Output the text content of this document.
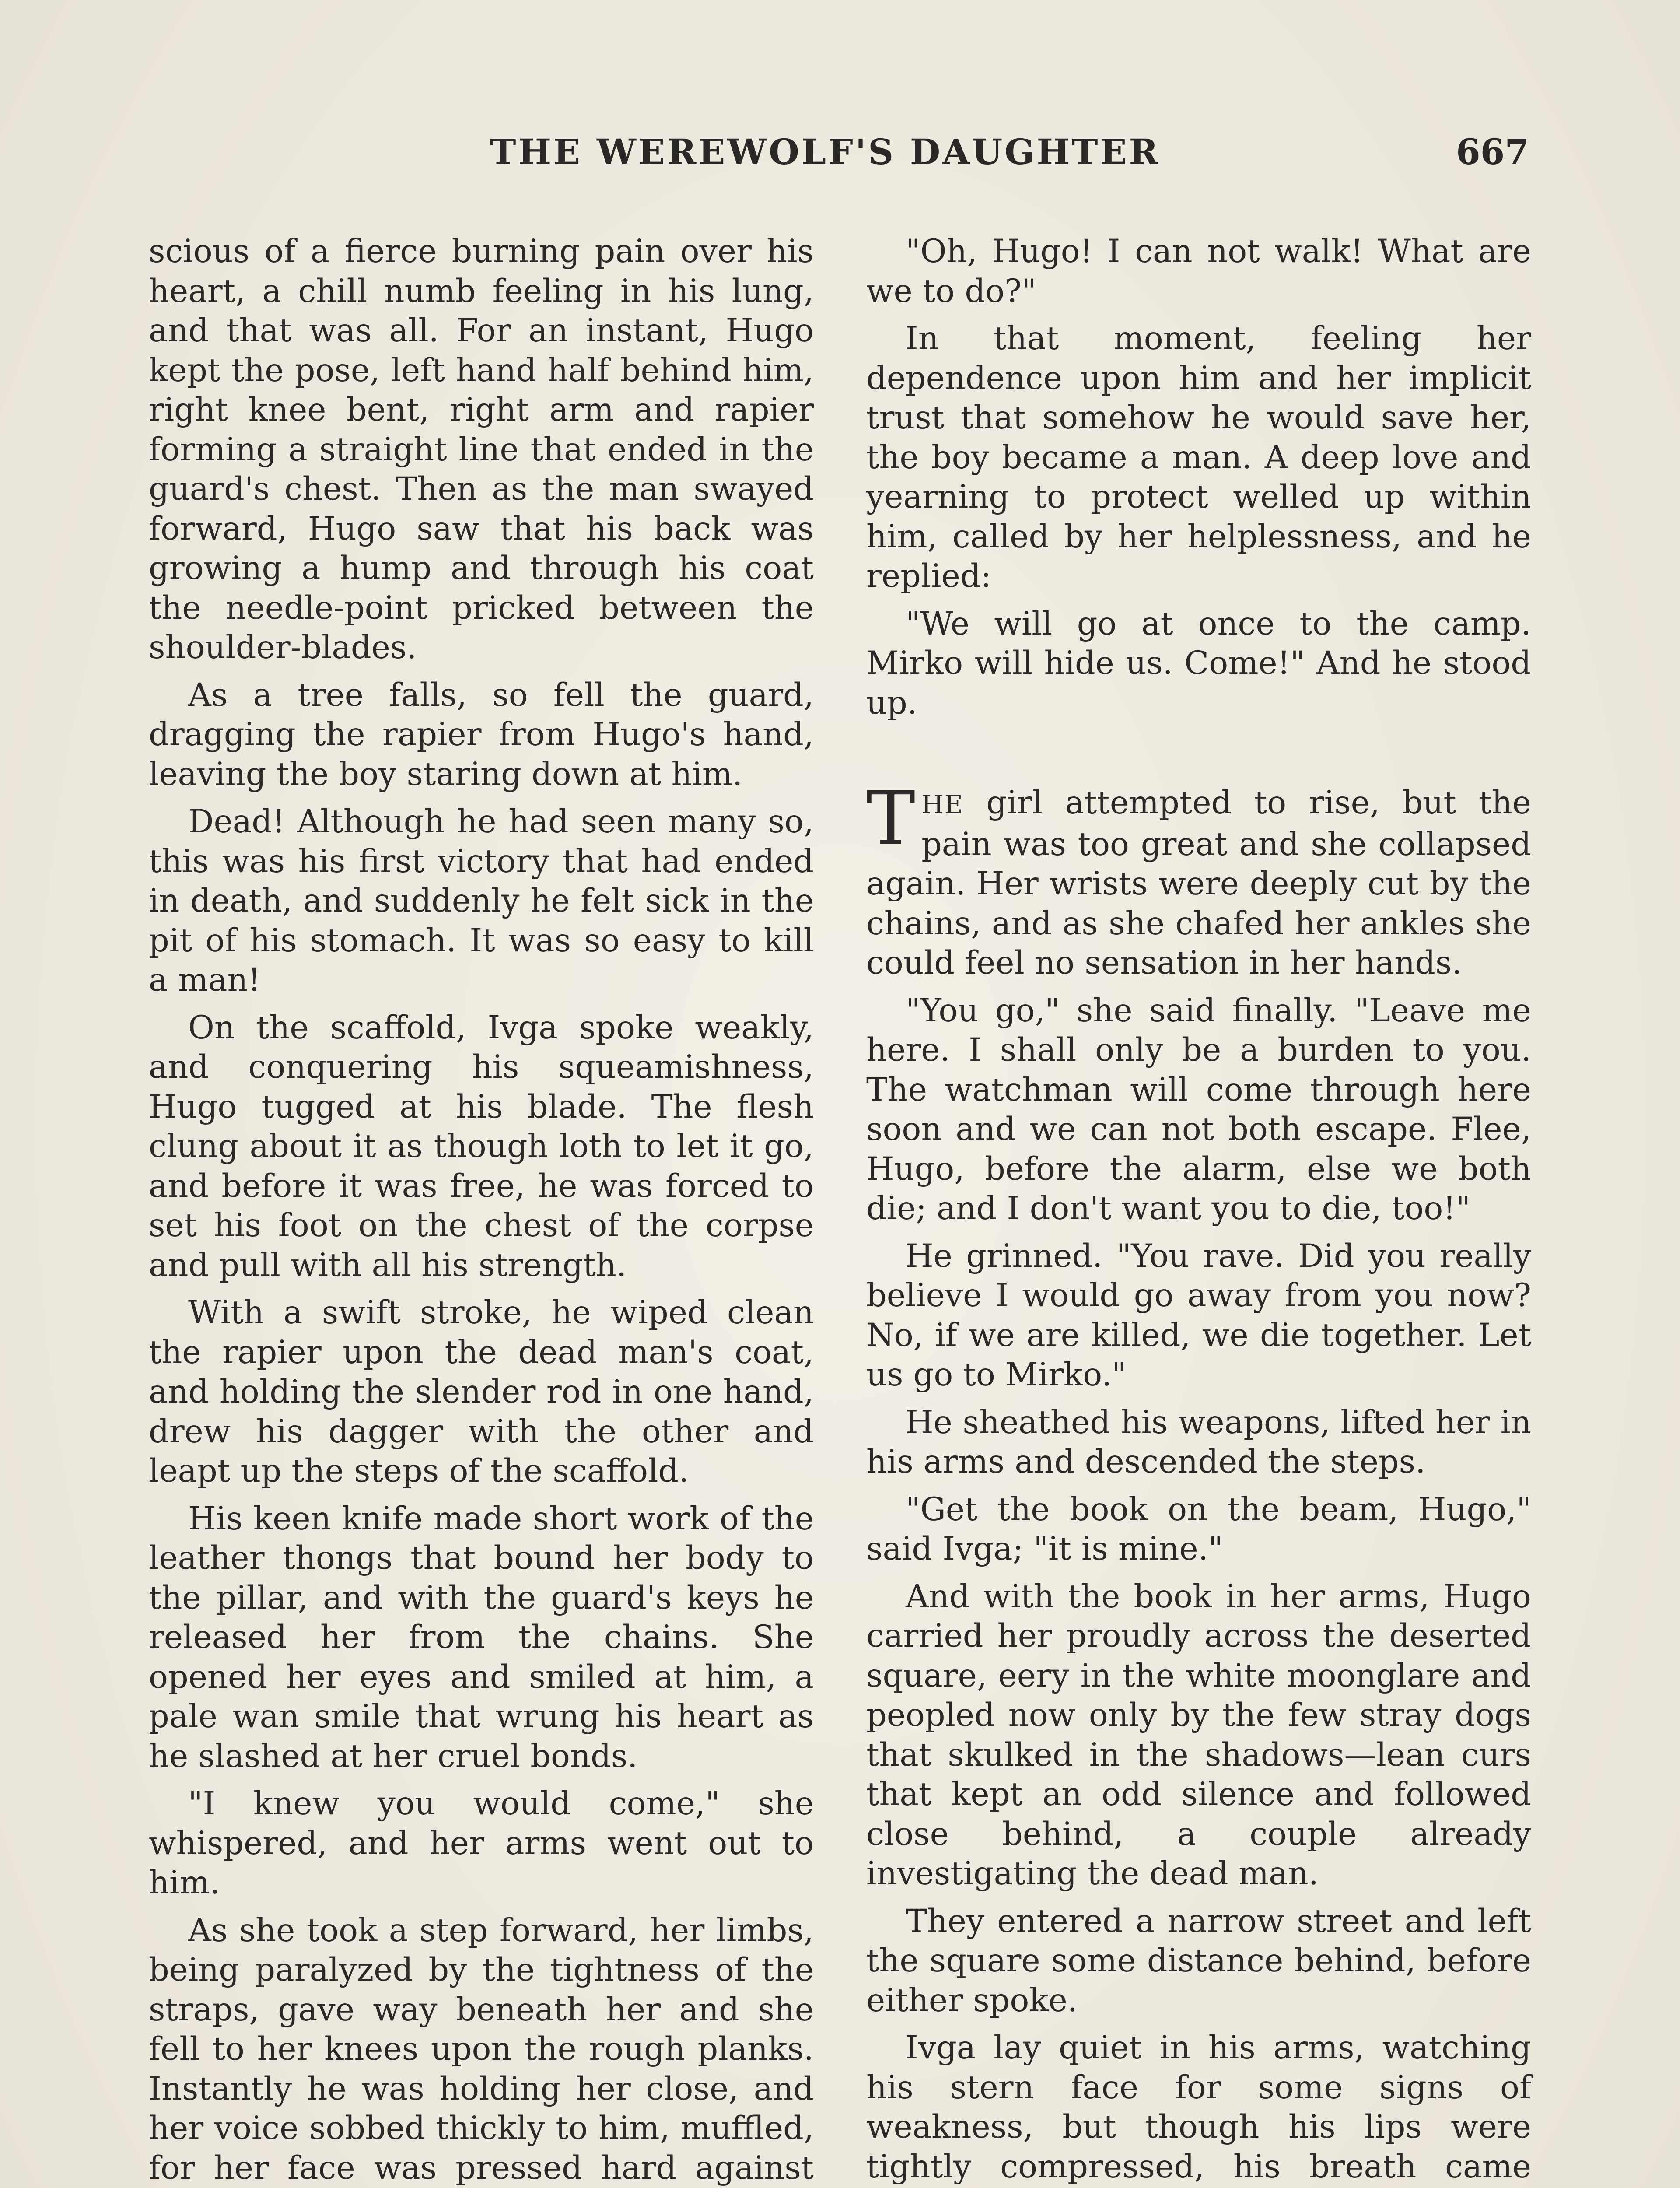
THE WEREWOLF'S DAUGHTER	667

scious of a fierce burning pain over his heart, a chill numb feeling in his lung, and that was all. For an instant, Hugo kept the pose, left hand half behind him, right knee bent, right arm and rapier forming a straight line that ended in the guard's chest. Then as the man swayed forward, Hugo saw that his back was growing a hump and through his coat the needle-point pricked between the shoulder-blades.

As a tree falls, so fell the guard, dragging the rapier from Hugo's hand, leaving the boy staring down at him.

Dead! Although he had seen many so, this was his first victory that had ended in death, and suddenly he felt sick in the pit of his stomach. It was so easy to kill a man!

On the scaffold, Ivga spoke weakly, and conquering his squeamishness, Hugo tugged at his blade. The flesh clung about it as though loth to let it go, and before it was free, he was forced to set his foot on the chest of the corpse and pull with all his strength.

With a swift stroke, he wiped clean the rapier upon the dead man's coat, and holding the slender rod in one hand, drew his dagger with the other and leapt up the steps of the scaffold.

His keen knife made short work of the leather thongs that bound her body to the pillar, and with the guard's keys he released her from the chains. She opened her eyes and smiled at him, a pale wan smile that wrung his heart as he slashed at her cruel bonds.

"I knew you would come," she whispered, and her arms went out to him.

As she took a step forward, her limbs, being paralyzed by the tightness of the straps, gave way beneath her and she fell to her knees upon the rough planks. Instantly he was holding her close, and her voice sobbed thickly to him, muffled, for her face was pressed hard against

"Oh, Hugo! I can not walk! What are we to do?"

In that moment, feeling her dependence upon him and her implicit trust that somehow he would save her, the boy became a man. A deep love and yearning to protect welled up within him, called by her helplessness, and he replied:

"We will go at once to the camp. Mirko will hide us. Come!" And he stood up.

THE girl attempted to rise, but the pain was too great and she collapsed again. Her wrists were deeply cut by the chains, and as she chafed her ankles she could feel no sensation in her hands.

"You go," she said finally. "Leave me here. I shall only be a burden to you. The watchman will come through here soon and we can not both escape. Flee, Hugo, before the alarm, else we both die; and I don't want you to die, too!"

He grinned. "You rave. Did you really believe I would go away from you now? No, if we are killed, we die together. Let us go to Mirko."

He sheathed his weapons, lifted her in his arms and descended the steps.

"Get the book on the beam, Hugo," said Ivga; "it is mine."

And with the book in her arms, Hugo carried her proudly across the deserted square, eery in the white moonglare and peopled now only by the few stray dogs that skulked in the shadows—lean curs that kept an odd silence and followed close behind, a couple already investigating the dead man.

They entered a narrow street and left the square some distance behind, before either spoke.

Ivga lay quiet in his arms, watching his stern face for some signs of weakness, but though his lips were tightly compressed, his breath came
